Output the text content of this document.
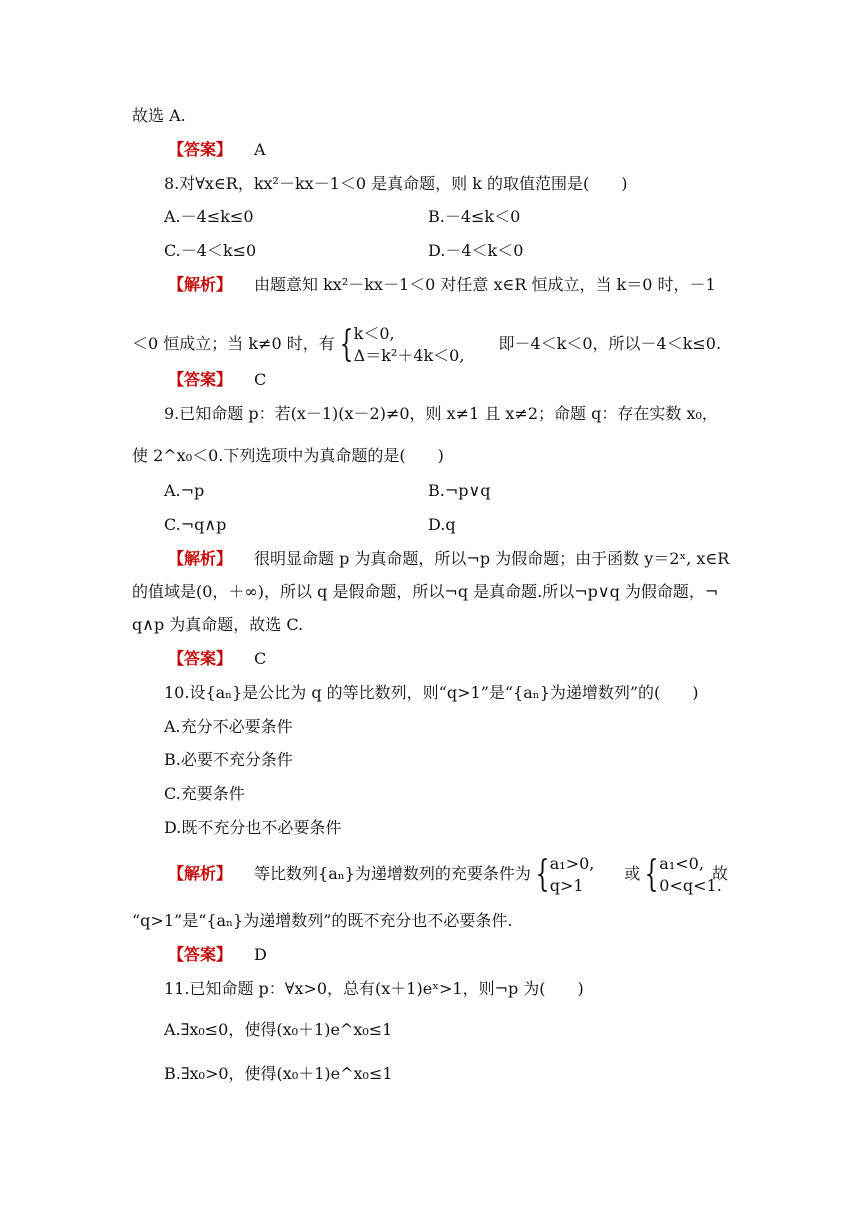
故选 A.
【答案】 A
8.对∀x∈R，kx²－kx－1＜0 是真命题，则 k 的取值范围是(　　)
A.－4≤k≤0	B.－4≤k＜0
C.－4＜k≤0	D.－4＜k＜0
【解析】 由题意知 kx²－kx－1＜0 对任意 x∈R 恒成立，当 k＝0 时，－1
＜0 恒成立；当 k≠0 时，有 {k＜0,
Δ＝k²＋4k＜0,即－4＜k＜0，所以－4＜k≤0.
【答案】 C
9.已知命题 p：若(x－1)(x－2)≠0，则 x≠1 且 x≠2；命题 q：存在实数 x₀，
使 2^x₀＜0.下列选项中为真命题的是(　　)
A.¬p	B.¬p∨q
C.¬q∧p	D.q
【解析】 很明显命题 p 为真命题，所以¬p 为假命题；由于函数 y＝2ˣ, x∈R
的值域是(0，＋∞)，所以 q 是假命题，所以¬q 是真命题.所以¬p∨q 为假命题，¬
q∧p 为真命题，故选 C.
【答案】 C
10.设{aₙ}是公比为 q 的等比数列，则“q>1”是“{aₙ}为递增数列”的(　　)
A.充分不必要条件
B.必要不充分条件
C.充要条件
D.既不充分也不必要条件
【解析】 等比数列{aₙ}为递增数列的充要条件为 {a₁>0,
q>1或 {a₁<0,
0<q<1.
故
“q>1”是“{aₙ}为递增数列”的既不充分也不必要条件.
【答案】 D
11.已知命题 p：∀x>0，总有(x＋1)eˣ>1，则¬p 为(　　)
A.∃x₀≤0，使得(x₀＋1)e^x₀≤1
B.∃x₀>0，使得(x₀＋1)e^x₀≤1
